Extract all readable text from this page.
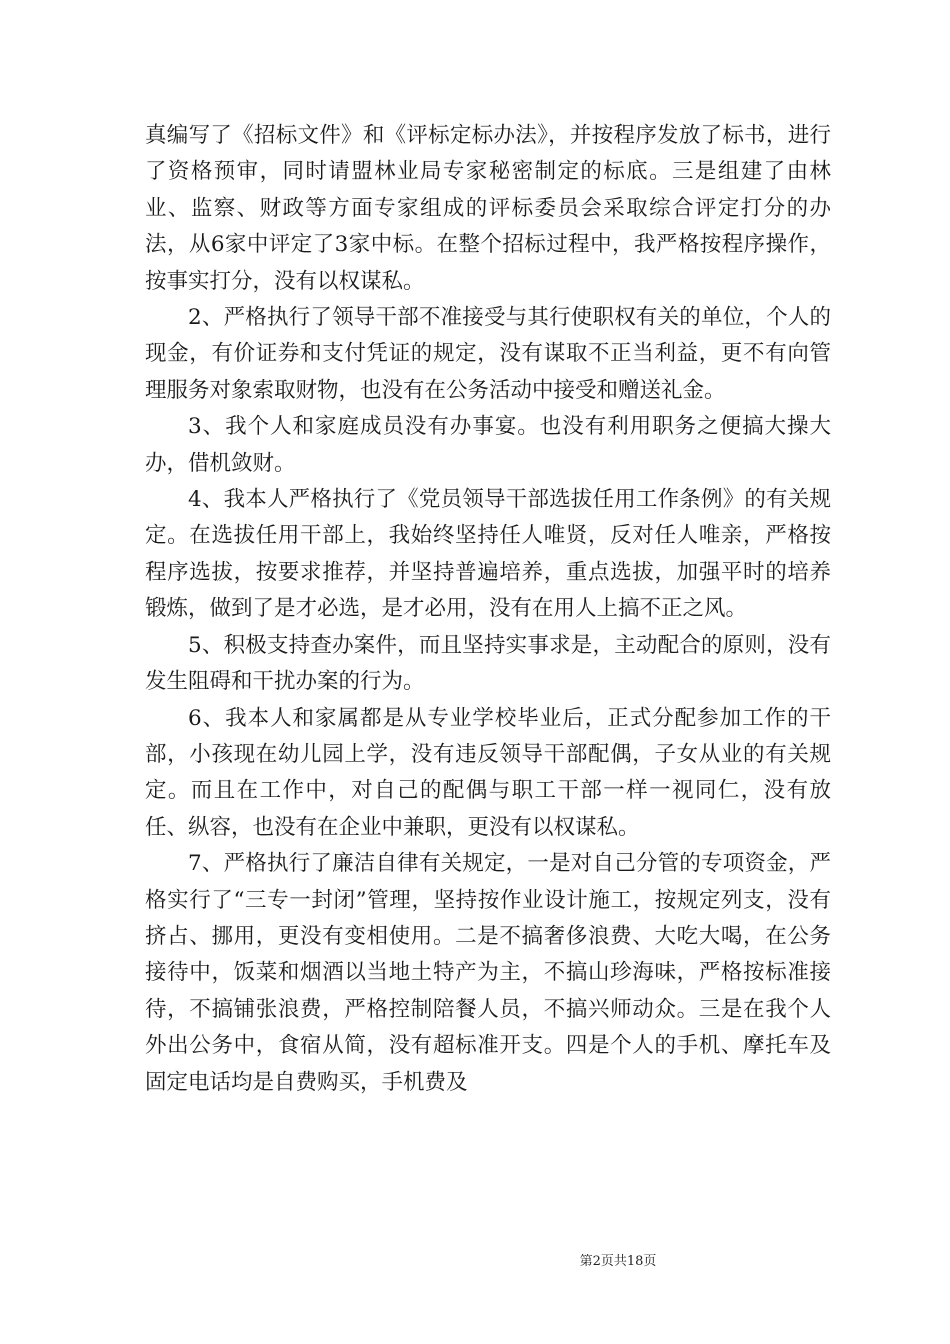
真编写了《招标文件》和《评标定标办法》，并按程序发放了标书，进行了资格预审，同时请盟林业局专家秘密制定的标底。三是组建了由林业、监察、财政等方面专家组成的评标委员会采取综合评定打分的办法，从6家中评定了3家中标。在整个招标过程中，我严格按程序操作，按事实打分，没有以权谋私。

2、严格执行了领导干部不准接受与其行使职权有关的单位，个人的现金，有价证券和支付凭证的规定，没有谋取不正当利益，更不有向管理服务对象索取财物，也没有在公务活动中接受和赠送礼金。

3、我个人和家庭成员没有办事宴。也没有利用职务之便搞大操大办，借机敛财。

4、我本人严格执行了《党员领导干部选拔任用工作条例》的有关规定。在选拔任用干部上，我始终坚持任人唯贤，反对任人唯亲，严格按程序选拔，按要求推荐，并坚持普遍培养，重点选拔，加强平时的培养锻炼，做到了是才必选，是才必用，没有在用人上搞不正之风。

5、积极支持查办案件，而且坚持实事求是，主动配合的原则，没有发生阻碍和干扰办案的行为。

6、我本人和家属都是从专业学校毕业后，正式分配参加工作的干部，小孩现在幼儿园上学，没有违反领导干部配偶，子女从业的有关规定。而且在工作中，对自己的配偶与职工干部一样一视同仁，没有放任、纵容，也没有在企业中兼职，更没有以权谋私。

7、严格执行了廉洁自律有关规定，一是对自己分管的专项资金，严格实行了“三专一封闭”管理，坚持按作业设计施工，按规定列支，没有挤占、挪用，更没有变相使用。二是不搞奢侈浪费、大吃大喝，在公务接待中，饭菜和烟酒以当地土特产为主，不搞山珍海味，严格按标准接待，不搞铺张浪费，严格控制陪餐人员，不搞兴师动众。三是在我个人外出公务中，食宿从简，没有超标准开支。四是个人的手机、摩托车及固定电话均是自费购买，手机费及

第2页共18页
